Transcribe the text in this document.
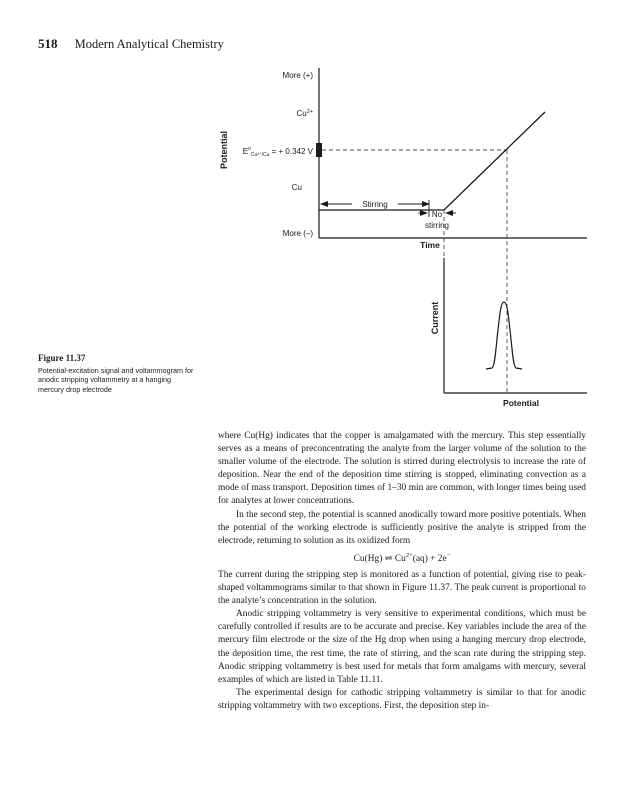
518 Modern Analytical Chemistry
Potential
Time
More (+)
$Cu^{2+}$
$E^o_{Cu^{2+}/Cu}$ = + 0.342 V
Cu
More (–)
Stirring
No
stirring
Current
Potential
Figure 11.37
Potential-excitation signal and voltammogram for anodic stripping voltammetry at a hanging mercury drop electrode

where Cu(Hg) indicates that the copper is amalgamated with the mercury. This step essentially serves as a means of preconcentrating the analyte from the larger volume of the solution to the smaller volume of the electrode. The solution is stirred during electrolysis to increase the rate of deposition. Near the end of the deposition time stirring is stopped, eliminating convection as a mode of mass transport. Deposition times of 1–30 min are common, with longer times being used for analytes at lower concentrations.

In the second step, the potential is scanned anodically toward more positive potentials. When the potential of the working electrode is sufficiently positive the analyte is stripped from the electrode, returning to solution as its oxidized form

Cu(Hg) ⇌ $Cu^{2+}(aq) + 2e^-$

The current during the stripping step is monitored as a function of potential, giving rise to peak-shaped voltammograms similar to that shown in Figure 11.37. The peak current is proportional to the analyte’s concentration in the solution.

Anodic stripping voltammetry is very sensitive to experimental conditions, which must be carefully controlled if results are to be accurate and precise. Key variables include the area of the mercury film electrode or the size of the Hg drop when using a hanging mercury drop electrode, the deposition time, the rest time, the rate of stirring, and the scan rate during the stripping step. Anodic stripping voltammetry is best used for metals that form amalgams with mercury, several examples of which are listed in Table 11.11.

The experimental design for cathodic stripping voltammetry is similar to that for anodic stripping voltammetry with two exceptions. First, the deposition step in-
